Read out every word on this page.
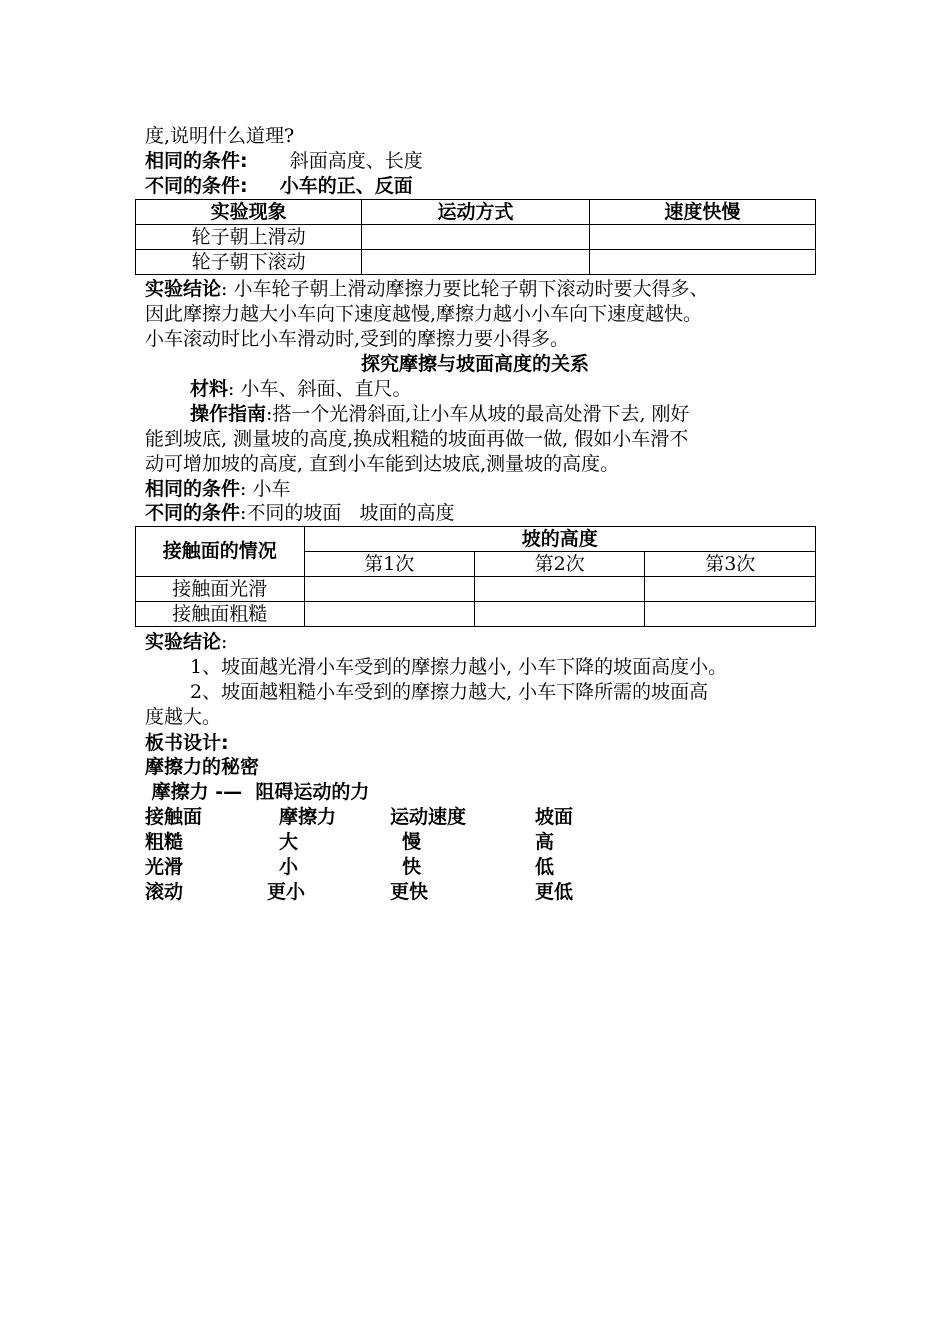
度,说明什么道理?
相同的条件: 斜面高度、长度
不同的条件: 小车的正、反面
实验现象	运动方式	速度快慢
轮子朝上滑动		
轮子朝下滚动		
实验结论: 小车轮子朝上滑动摩擦力要比轮子朝下滚动时要大得多、
因此摩擦力越大小车向下速度越慢,摩擦力越小小车向下速度越快。
小车滚动时比小车滑动时,受到的摩擦力要小得多。
探究摩擦与坡面高度的关系
材料: 小车、斜面、直尺。
操作指南:搭一个光滑斜面,让小车从坡的最高处滑下去, 刚好
能到坡底, 测量坡的高度,换成粗糙的坡面再做一做, 假如小车滑不
动可增加坡的高度, 直到小车能到达坡底,测量坡的高度。
相同的条件: 小车
不同的条件:不同的坡面   坡面的高度
接触面的情况	坡的高度		
	第1次	第2次	第3次
接触面光滑			
接触面粗糙			
实验结论:
1、坡面越光滑小车受到的摩擦力越小, 小车下降的坡面高度小。
2、坡面越粗糙小车受到的摩擦力越大, 小车下降所需的坡面高
度越大。
板书设计:
摩擦力的秘密
摩擦力 -—  阻碍运动的力
接触面	摩擦力	运动速度	坡面
粗糙	大	慢	高
光滑	小	快	低
滚动	更小	更快	更低
